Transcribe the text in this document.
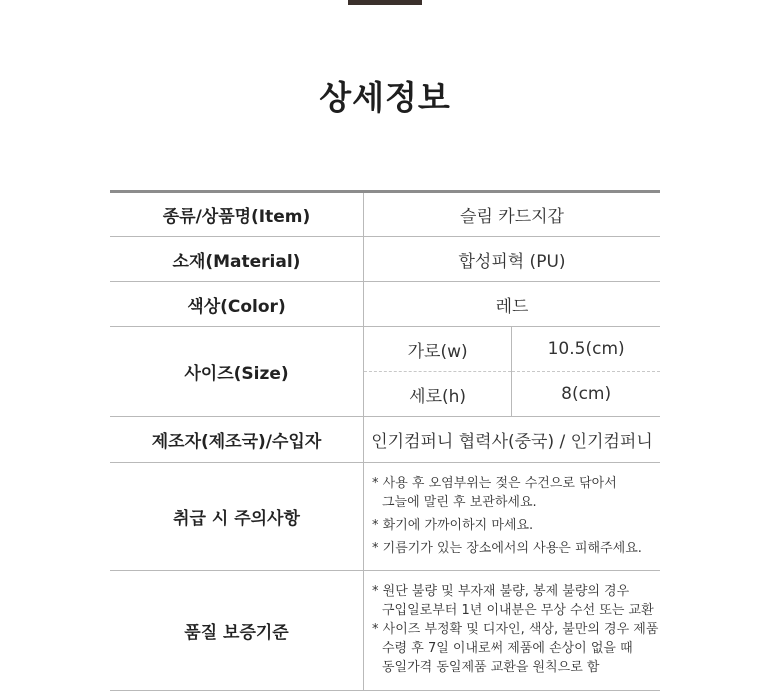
상세정보
종류/상품명(Item)	슬림 카드지갑	
소재(Material)	합성피혁 (PU)	
색상(Color)	레드	
사이즈(Size)	가로(w)	10.5(cm)
	세로(h)	8(cm)
제조자(제조국)/수입자	인기컴퍼니 협력사(중국) / 인기컴퍼니	
취급 시 주의사항	* 사용 후 오염부위는 젖은 수건으로 닦아서

그늘에 말린 후 보관하세요.

* 화기에 가까이하지 마세요.

* 기름기가 있는 장소에서의 사용은 피해주세요.	

품질 보증기준	* 원단 불량 및 부자재 불량, 봉제 불량의 경우

구입일로부터 1년 이내분은 무상 수선 또는 교환

* 사이즈 부정확 및 디자인, 색상, 불만의 경우 제품

수령 후 7일 이내로써 제품에 손상이 없을 때

동일가격 동일제품 교환을 원칙으로 함	
